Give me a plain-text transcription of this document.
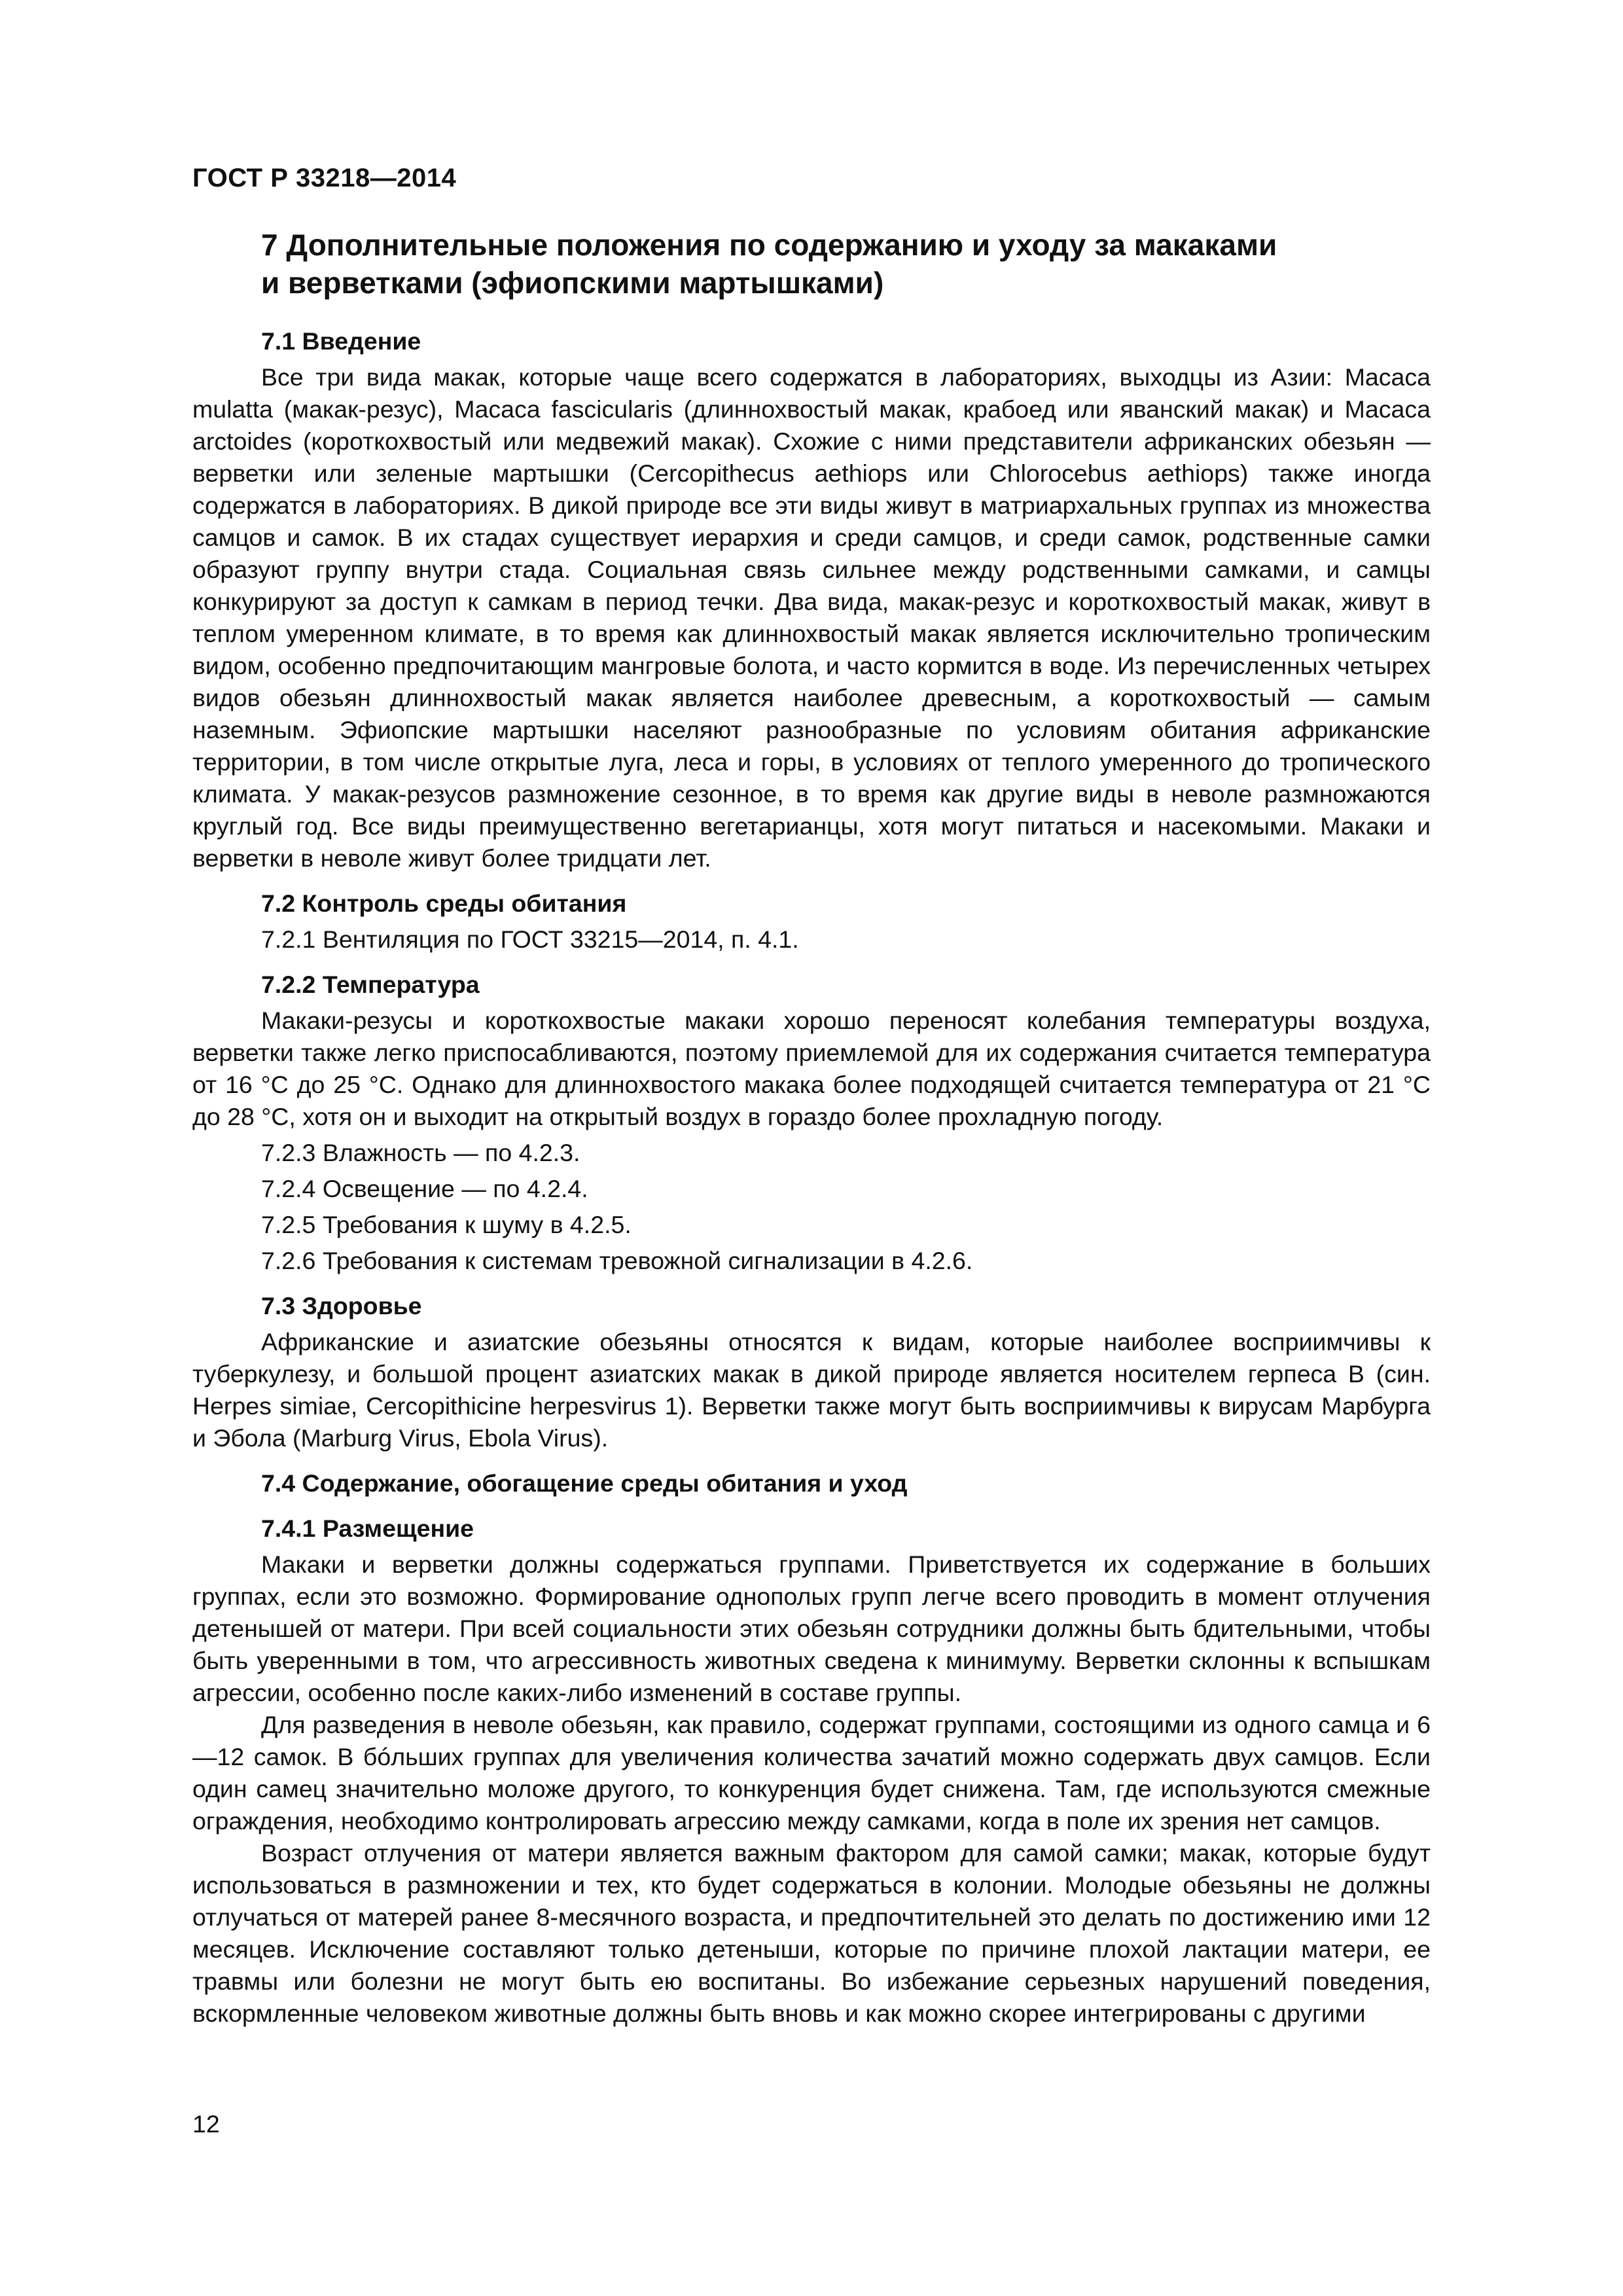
ГОСТ Р 33218—2014
7 Дополнительные положения по содержанию и уходу за макаками
и верветками (эфиопскими мартышками)
7.1 Введение

Все три вида макак, которые чаще всего содержатся в лабораториях, выходцы из Азии: Macaca mulatta (макак-резус), Macaca fascicularis (длиннохвостый макак, крабоед или яванский макак) и Macaca arctoides (короткохвостый или медвежий макак). Схожие с ними представители африканских обезьян — верветки или зеленые мартышки (Cercopithecus aethiops или Chlorocebus aethiops) также иногда содержатся в лабораториях. В дикой природе все эти виды живут в матриархальных группах из множества самцов и самок. В их стадах существует иерархия и среди самцов, и среди самок, родственные самки образуют группу внутри стада. Социальная связь сильнее между родственными самками, и самцы конкурируют за доступ к самкам в период течки. Два вида, макак-резус и короткохвостый макак, живут в теплом умеренном климате, в то время как длиннохвостый макак является исключительно тропическим видом, особенно предпочитающим мангровые болота, и часто кормится в воде. Из перечисленных четырех видов обезьян длиннохвостый макак является наиболее древесным, а короткохвостый — самым наземным. Эфиопские мартышки населяют разнообразные по условиям обитания африканские территории, в том числе открытые луга, леса и горы, в условиях от теплого умеренного до тропического климата. У макак-резусов размножение сезонное, в то время как другие виды в неволе размножаются круглый год. Все виды преимущественно вегетарианцы, хотя могут питаться и насекомыми. Макаки и верветки в неволе живут более тридцати лет.

7.2 Контроль среды обитания
7.2.1 Вентиляция по ГОСТ 33215—2014, п. 4.1.
7.2.2 Температура

Макаки-резусы и короткохвостые макаки хорошо переносят колебания температуры воздуха, верветки также легко приспосабливаются, поэтому приемлемой для их содержания считается температура от 16 °С до 25 °С. Однако для длиннохвостого макака более подходящей считается температура от 21 °С до 28 °С, хотя он и выходит на открытый воздух в гораздо более прохладную погоду.

7.2.3 Влажность — по 4.2.3.
7.2.4 Освещение — по 4.2.4.
7.2.5 Требования к шуму в 4.2.5.
7.2.6 Требования к системам тревожной сигнализации в 4.2.6.
7.3 Здоровье

Африканские и азиатские обезьяны относятся к видам, которые наиболее восприимчивы к туберкулезу, и большой процент азиатских макак в дикой природе является носителем герпеса В (син. Herpes simiae, Cercopithicine herpesvirus 1). Верветки также могут быть восприимчивы к вирусам Марбурга и Эбола (Marburg Virus, Ebola Virus).

7.4 Содержание, обогащение среды обитания и уход
7.4.1 Размещение

Макаки и верветки должны содержаться группами. Приветствуется их содержание в больших группах, если это возможно. Формирование однополых групп легче всего проводить в момент отлучения детенышей от матери. При всей социальности этих обезьян сотрудники должны быть бдительными, чтобы быть уверенными в том, что агрессивность животных сведена к минимуму. Верветки склонны к вспышкам агрессии, особенно после каких-либо изменений в составе группы.

Для разведения в неволе обезьян, как правило, содержат группами, состоящими из одного самца и 6—12 самок. В бóльших группах для увеличения количества зачатий можно содержать двух самцов. Если один самец значительно моложе другого, то конкуренция будет снижена. Там, где используются смежные ограждения, необходимо контролировать агрессию между самками, когда в поле их зрения нет самцов.

Возраст отлучения от матери является важным фактором для самой самки; макак, которые будут использоваться в размножении и тех, кто будет содержаться в колонии. Молодые обезьяны не должны отлучаться от матерей ранее 8-месячного возраста, и предпочтительней это делать по достижению ими 12 месяцев. Исключение составляют только детеныши, которые по причине плохой лактации матери, ее травмы или болезни не могут быть ею воспитаны. Во избежание серьезных нарушений поведения, вскормленные человеком животные должны быть вновь и как можно скорее интегрированы с другими

12
